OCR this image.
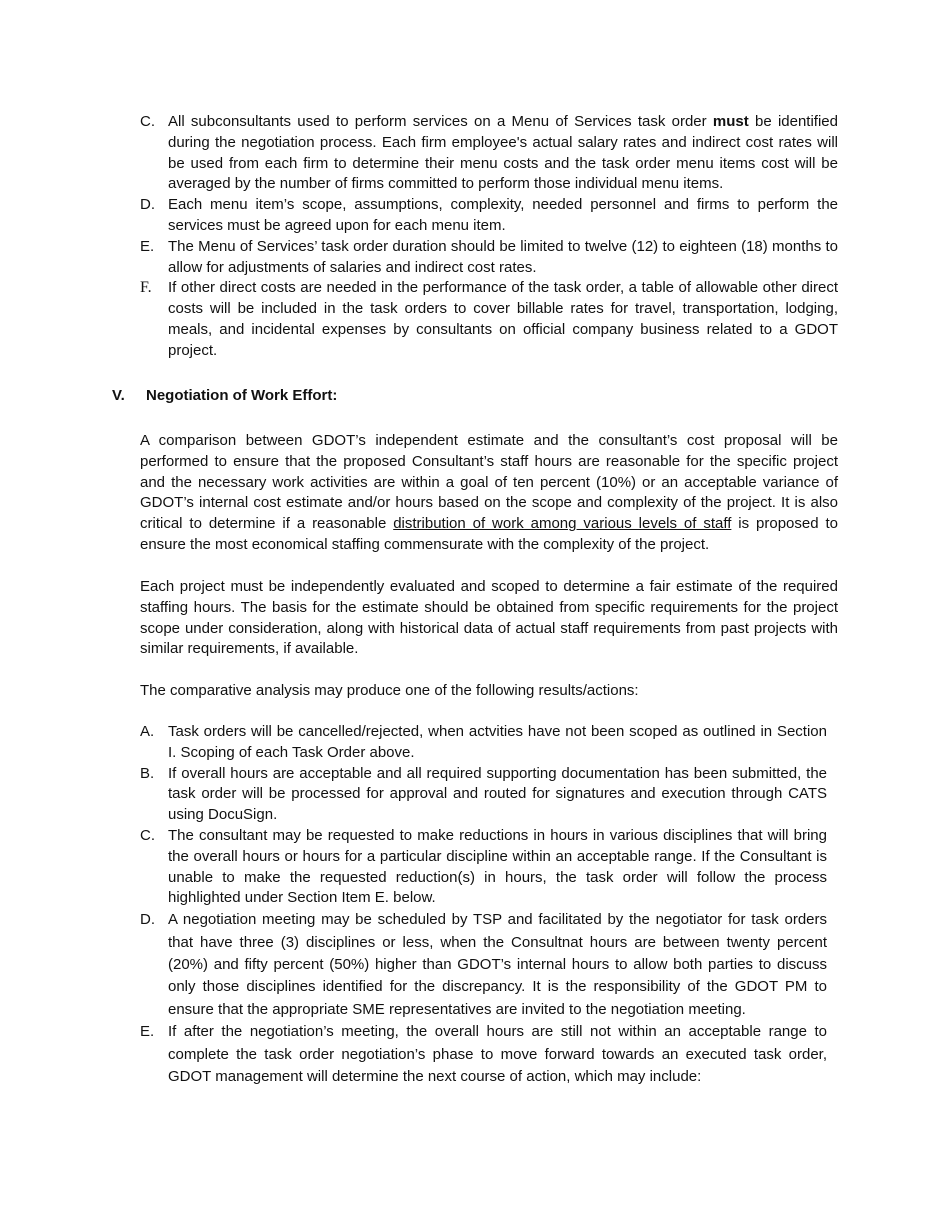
C. All subconsultants used to perform services on a Menu of Services task order must be identified during the negotiation process. Each firm employee's actual salary rates and indirect cost rates will be used from each firm to determine their menu costs and the task order menu items cost will be averaged by the number of firms committed to perform those individual menu items.
D. Each menu item’s scope, assumptions, complexity, needed personnel and firms to perform the services must be agreed upon for each menu item.
E. The Menu of Services’ task order duration should be limited to twelve (12) to eighteen (18) months to allow for adjustments of salaries and indirect cost rates.
F. If other direct costs are needed in the performance of the task order, a table of allowable other direct costs will be included in the task orders to cover billable rates for travel, transportation, lodging, meals, and incidental expenses by consultants on official company business related to a GDOT project.
V. Negotiation of Work Effort:
A comparison between GDOT’s independent estimate and the consultant’s cost proposal will be performed to ensure that the proposed Consultant’s staff hours are reasonable for the specific project and the necessary work activities are within a goal of ten percent (10%) or an acceptable variance of GDOT’s internal cost estimate and/or hours based on the scope and complexity of the project. It is also critical to determine if a reasonable distribution of work among various levels of staff is proposed to ensure the most economical staffing commensurate with the complexity of the project.
Each project must be independently evaluated and scoped to determine a fair estimate of the required staffing hours. The basis for the estimate should be obtained from specific requirements for the project scope under consideration, along with historical data of actual staff requirements from past projects with similar requirements, if available.
The comparative analysis may produce one of the following results/actions:
A. Task orders will be cancelled/rejected, when actvities have not been scoped as outlined in Section I. Scoping of each Task Order above.
B. If overall hours are acceptable and all required supporting documentation has been submitted, the task order will be processed for approval and routed for signatures and execution through CATS using DocuSign.
C. The consultant may be requested to make reductions in hours in various disciplines that will bring the overall hours or hours for a particular discipline within an acceptable range. If the Consultant is unable to make the requested reduction(s) in hours, the task order will follow the process highlighted under Section Item E. below.
D. A negotiation meeting may be scheduled by TSP and facilitated by the negotiator for task orders that have three (3) disciplines or less, when the Consultnat hours are between twenty percent (20%) and fifty percent (50%) higher than GDOT’s internal hours to allow both parties to discuss only those disciplines identified for the discrepancy. It is the responsibility of the GDOT PM to ensure that the appropriate SME representatives are invited to the negotiation meeting.
E. If after the negotiation’s meeting, the overall hours are still not within an acceptable range to complete the task order negotiation’s phase to move forward towards an executed task order, GDOT management will determine the next course of action, which may include:
